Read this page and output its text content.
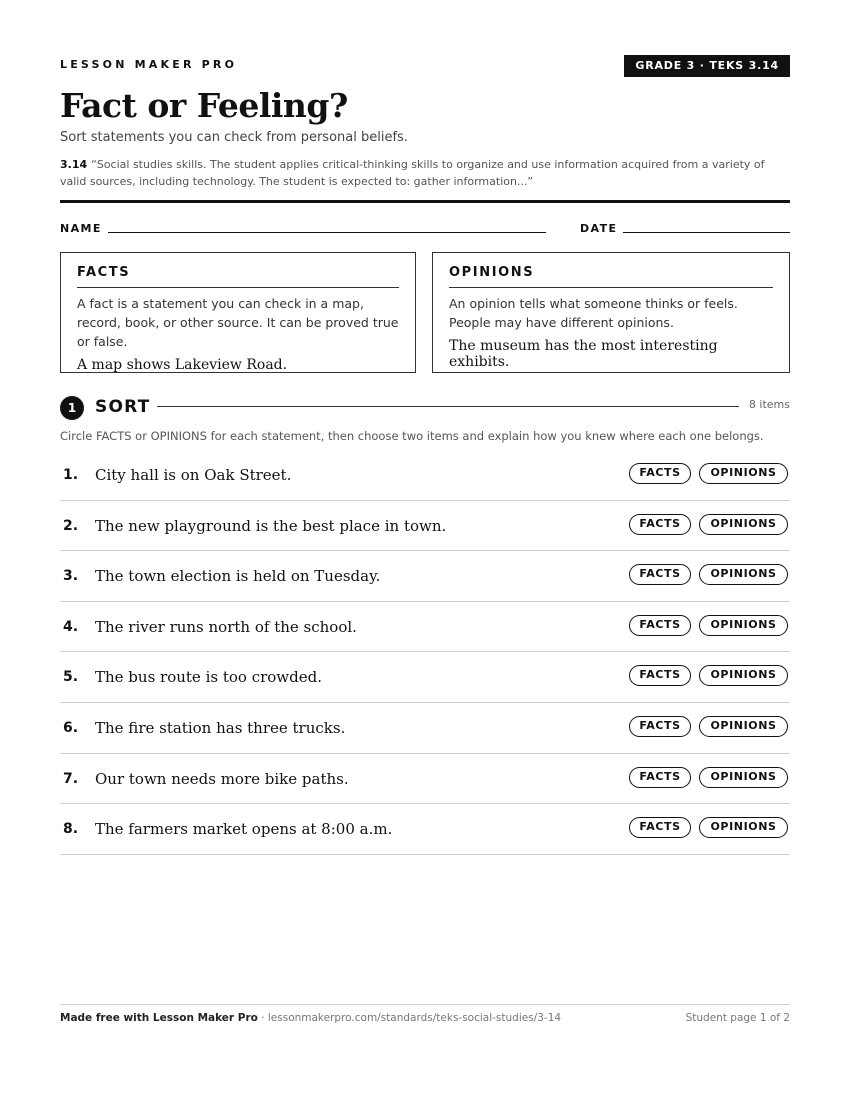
LESSON MAKER PRO	GRADE 3 · TEKS 3.14
Fact or Feeling?
Sort statements you can check from personal beliefs.
3.14 “Social studies skills. The student applies critical-thinking skills to organize and use information acquired from a variety of valid sources, including technology. The student is expected to: gather information...”
NAME	DATE
FACTS
A fact is a statement you can check in a map, record, book, or other source. It can be proved true or false.
A map shows Lakeview Road.
OPINIONS
An opinion tells what someone thinks or feels. People may have different opinions.
The museum has the most interesting exhibits.
1	SORT	8 items
Circle FACTS or OPINIONS for each statement, then choose two items and explain how you knew where each one belongs.
1. City hall is on Oak Street.	FACTS	OPINIONS
2. The new playground is the best place in town.	FACTS	OPINIONS
3. The town election is held on Tuesday.	FACTS	OPINIONS
4. The river runs north of the school.	FACTS	OPINIONS
5. The bus route is too crowded.	FACTS	OPINIONS
6. The fire station has three trucks.	FACTS	OPINIONS
7. Our town needs more bike paths.	FACTS	OPINIONS
8. The farmers market opens at 8:00 a.m.	FACTS	OPINIONS
Made free with Lesson Maker Pro · lessonmakerpro.com/standards/teks-social-studies/3-14	Student page 1 of 2
